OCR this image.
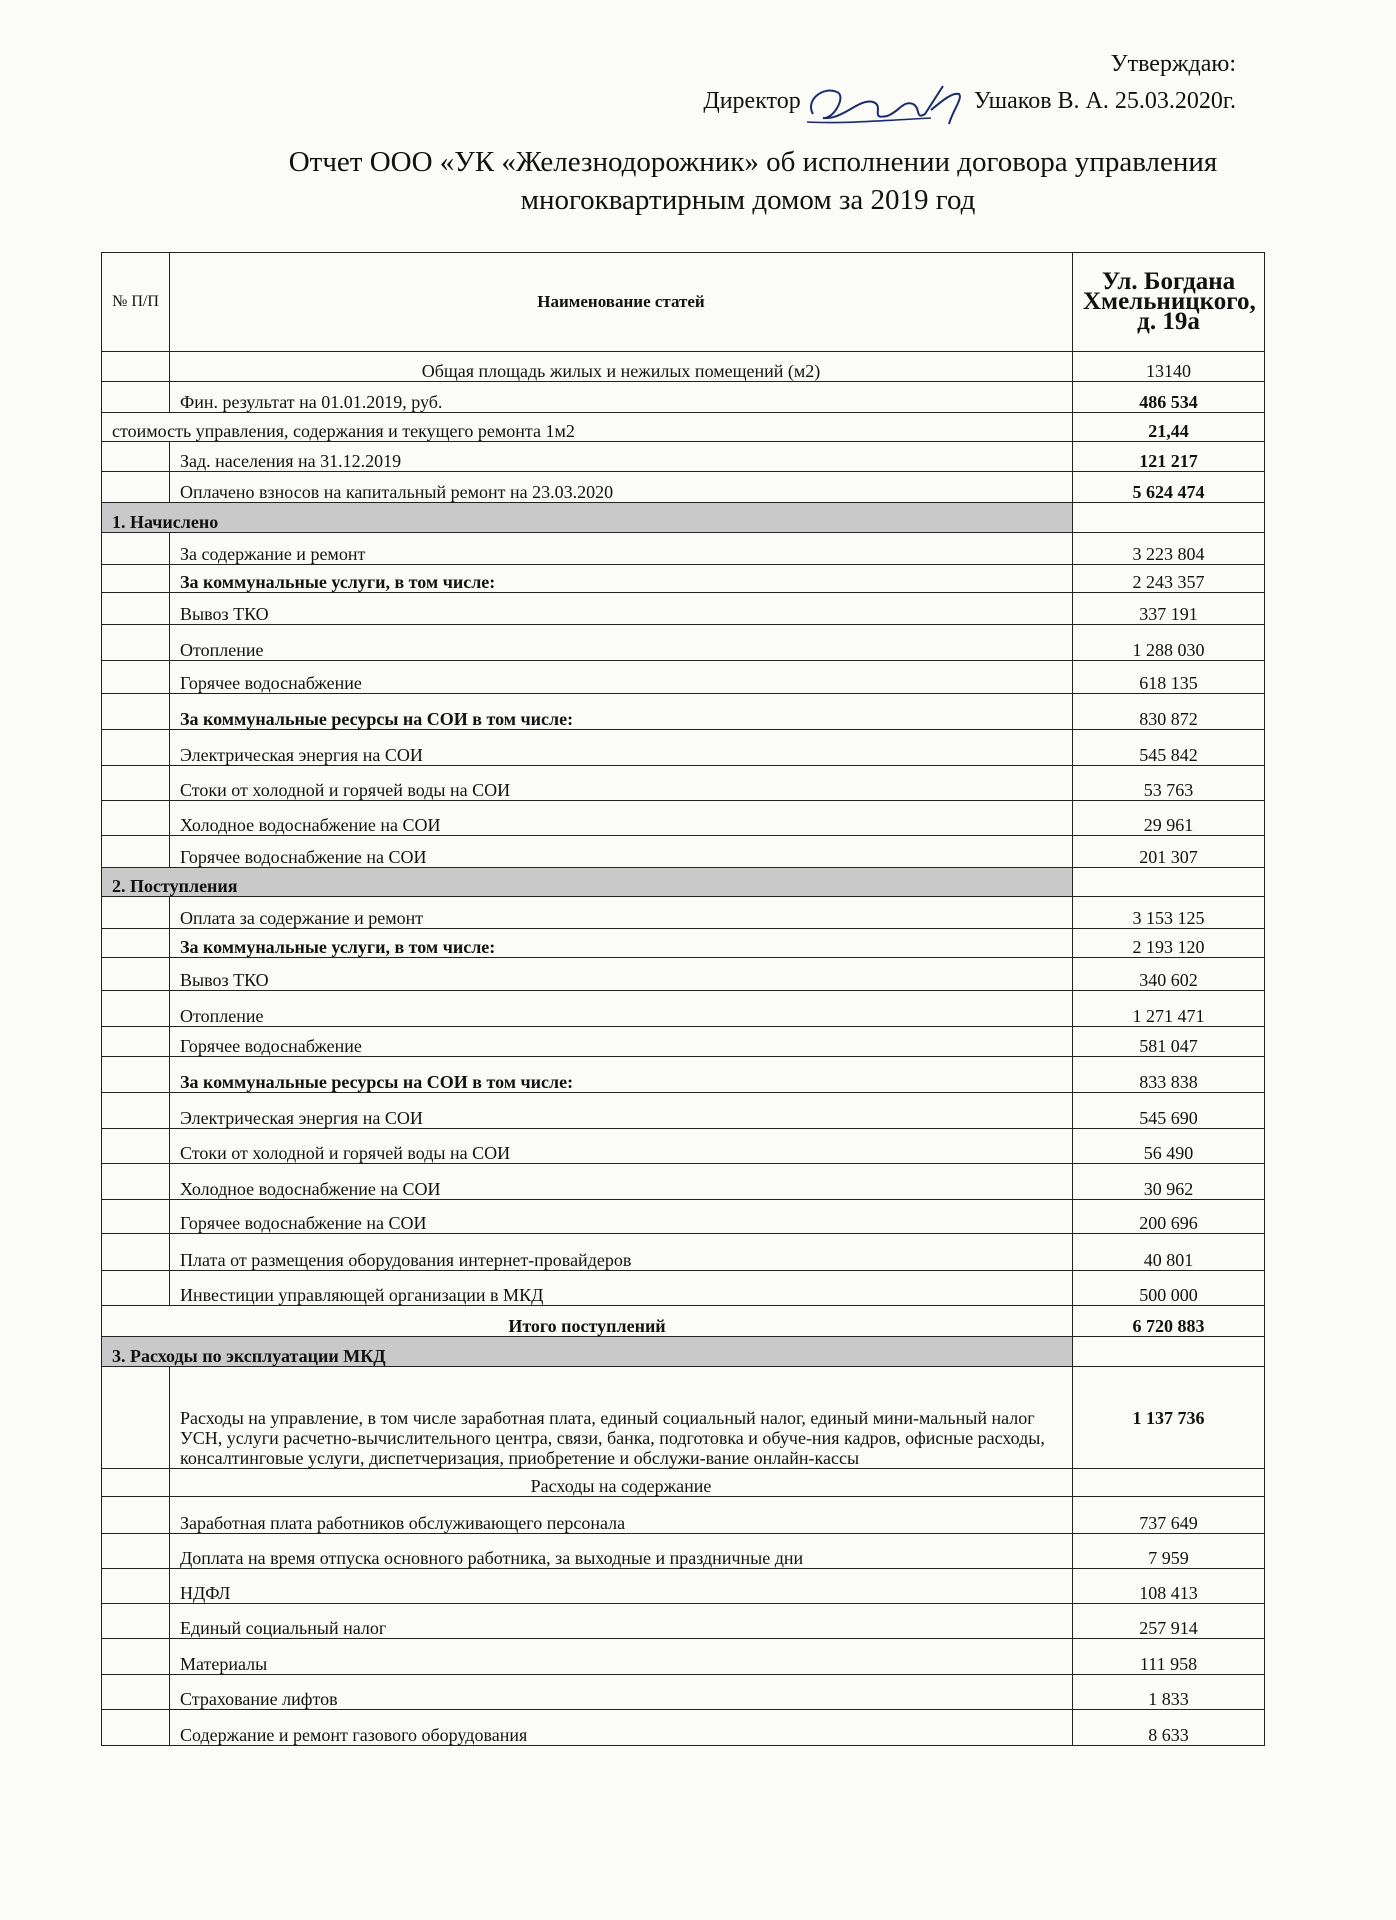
Утверждаю:
Директор	Ушаков В. А. 25.03.2020г.
Отчет ООО «УК «Железнодорожник» об исполнении договора управления
многоквартирным домом за 2019 год
№ П/П	Наименование статей	Ул. Богдана Хмельницкого, д. 19а
	Общая площадь жилых и нежилых помещений (м2)	13140
	Фин. результат на 01.01.2019, руб.	486 534
стоимость управления, содержания и текущего ремонта 1м2		21,44
	Зад. населения на 31.12.2019	121 217
	Оплачено взносов на капитальный ремонт на 23.03.2020	5 624 474
1. Начислено		
	За содержание и ремонт	3 223 804
	За коммунальные услуги, в том числе:	2 243 357
	Вывоз ТКО	337 191
	Отопление	1 288 030
	Горячее водоснабжение	618 135
	За коммунальные ресурсы на СОИ в том числе:	830 872
	Электрическая энергия на СОИ	545 842
	Стоки от холодной и горячей воды на СОИ	53 763
	Холодное водоснабжение на СОИ	29 961
	Горячее водоснабжение на СОИ	201 307
2. Поступления		
	Оплата за содержание и ремонт	3 153 125
	За коммунальные услуги, в том числе:	2 193 120
	Вывоз ТКО	340 602
	Отопление	1 271 471
	Горячее водоснабжение	581 047
	За коммунальные ресурсы на СОИ в том числе:	833 838
	Электрическая энергия на СОИ	545 690
	Стоки от холодной и горячей воды на СОИ	56 490
	Холодное водоснабжение на СОИ	30 962
	Горячее водоснабжение на СОИ	200 696
	Плата от размещения оборудования интернет-провайдеров	40 801
	Инвестиции управляющей организации в МКД	500 000
Итого поступлений		6 720 883
3. Расходы по эксплуатации МКД		
	Расходы на управление, в том числе заработная плата, единый социальный налог, единый мини-мальный налог УСН, услуги расчетно-вычислительного центра, связи, банка, подготовка и обуче-ния кадров, офисные расходы, консалтинговые услуги, диспетчеризация, приобретение и обслужи-вание онлайн-кассы	1 137 736
	Расходы на содержание	
	Заработная плата работников обслуживающего персонала	737 649
	Доплата на время отпуска основного работника, за выходные и праздничные дни	7 959
	НДФЛ	108 413
	Единый социальный налог	257 914
	Материалы	111 958
	Страхование лифтов	1 833
	Содержание и ремонт газового оборудования	8 633
